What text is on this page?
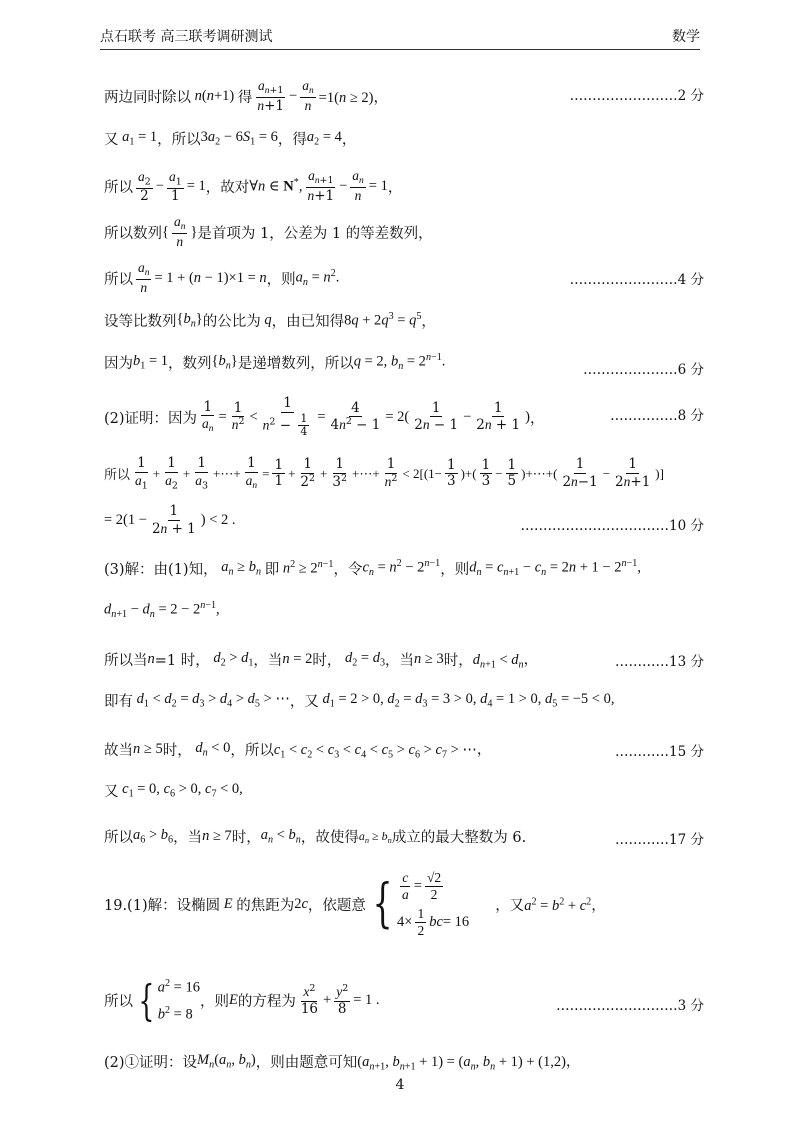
点石联考 高三联考调研测试	数学
两边同时除以 n(n+1) 得 $\frac{a_{n+1}}{n+1} - \frac{a_n}{n} =1(n \ge 2)$，	……………………2 分
又 $a_1 = 1$ ，所以 $3a_2 - 6S_1 = 6$ ，得 $a_2 = 4$ ，
所以 $\frac{a_2}{2} - \frac{a_1}{1} = 1$ ，故对 ∀n ∈ N*, $\frac{a_{n+1}}{n+1} - \frac{a_n}{n} = 1$ ，
所以数列 { $\frac{a_n}{n}$ } 是首项为 1，公差为 1 的等差数列，
所以 $\frac{a_n}{n} = 1 + (n - 1)\times 1 = n$ ，则 $a_n = n^2$.	……………………4 分
设等比数列 $\{b_n\}$ 的公比为 q ，由已知得 $8q + 2q^3 = q^5$ ，
因为 $b_1 = 1$ ，数列 $\{b_n\}$ 是递增数列，所以 q = 2, $b_n = 2^{n-1}$.	…………………6 分
(2)证明：因为 $\frac{1}{a_n} = \frac{1}{n^2} < \frac{1}{n^2 - \frac{1}{4}} = \frac{4}{4n^2 - 1} = 2( \frac{1}{2n - 1} - \frac{1}{2n + 1}$ ) ，	……………8 分
所以 $\frac{1}{a_1} + \frac{1}{a_2} + \frac{1}{a_3}$ +⋯+ $\frac{1}{a_n} = \frac{1}{1} + \frac{1}{2^2} + \frac{1}{3^2}$ +⋯+ $\frac{1}{n^2} < 2[(1- \frac{1}{3}$ )+( $\frac{1}{3} - \frac{1}{5}$ )+⋯+( $\frac{1}{2n-1} - \frac{1}{2n+1}$ )]
= $2(1 - \frac{1}{2n + 1}$ ) < 2 .	……………………………10 分
(3)解：由(1)知， $a_n \ge b_n$ 即 $n^2 \ge 2^{n-1}$ ，令 $c_n = n^2 - 2^{n-1}$ ，则 $d_n = c_{n+1} - c_n = 2n + 1 - 2^{n-1}$,
$d_{n+1} - d_n = 2 - 2^{n-1}$,
所以当 n =1 时， $d_2 > d_1$ ，当 n = 2 时， $d_2 = d_3$ ，当 n ≥ 3 时， $d_{n+1} < d_n$，	…………13 分
即有 $d_1 < d_2 = d_3 > d_4 > d_5$ > ⋯ ，又 $d_1 = 2 > 0$, $d_2 = d_3 = 3 > 0$, $d_4 = 1 > 0$, $d_5 = -5 < 0$,
故当 n ≥ 5 时， $d_n < 0$ ，所以 $c_1 < c_2 < c_3 < c_4 < c_5 > c_6 > c_7$ > ⋯，	…………15 分
又 $c_1 = 0$, $c_6 > 0$, $c_7 < 0$,
所以 $a_6 > b_6$ ，当 n ≥ 7 时， $a_n < b_n$ ，故使得 $a_n \ge b_n$ 成立的最大整数为 6.	…………17 分
19.(1)解：设椭圆 E 的焦距为 2c ，依题意 { $\frac{c}{a} = \frac{√2}{2}$
$4\times \frac{1}{2}$ bc = 16
，又 $a^2 = b^2 + c^2$，
所以 { $a^2 = 16$
$b^2 = 8$
，则 E 的方程为 $\frac{x^2}{16} + \frac{y^2}{8} = 1$ .	………………………3 分
(2)①证明：设 $M_n(a_n$, $b_n$) ，则由题意可知 ($a_{n+1}$, $b_{n+1} + 1) = (a_n$, $b_n + 1) + (1,2)$，
4
